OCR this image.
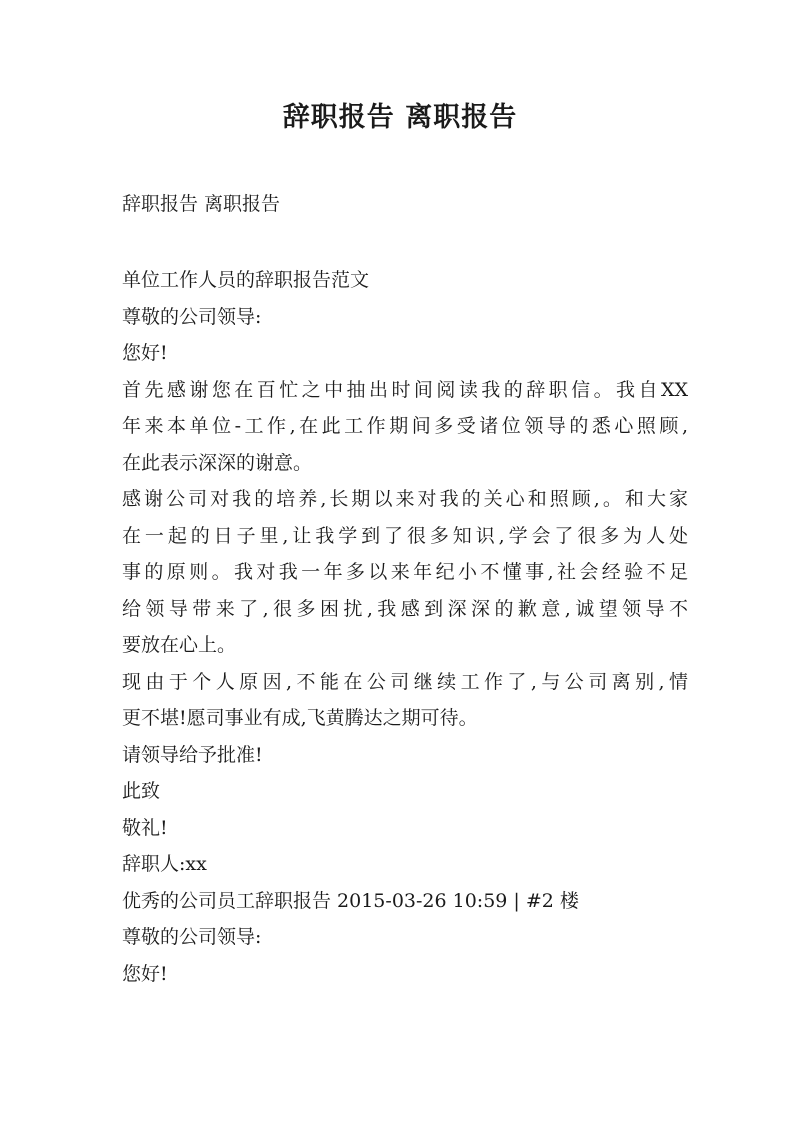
辞职报告 离职报告
辞职报告 离职报告
单位工作人员的辞职报告范文
尊敬的公司领导:
您好!
首先感谢您在百忙之中抽出时间阅读我的辞职信。我自XX
年来本单位-工作,在此工作期间多受诸位领导的悉心照顾,
在此表示深深的谢意。
感谢公司对我的培养,长期以来对我的关心和照顾,。和大家
在一起的日子里,让我学到了很多知识,学会了很多为人处
事的原则。我对我一年多以来年纪小不懂事,社会经验不足
给领导带来了,很多困扰,我感到深深的歉意,诚望领导不
要放在心上。
现由于个人原因,不能在公司继续工作了,与公司离别,情
更不堪!愿司事业有成,飞黄腾达之期可待。
请领导给予批准!
此致
敬礼!
辞职人:xx
优秀的公司员工辞职报告 2015-03-26 10:59 | #2 楼
尊敬的公司领导:
您好!
